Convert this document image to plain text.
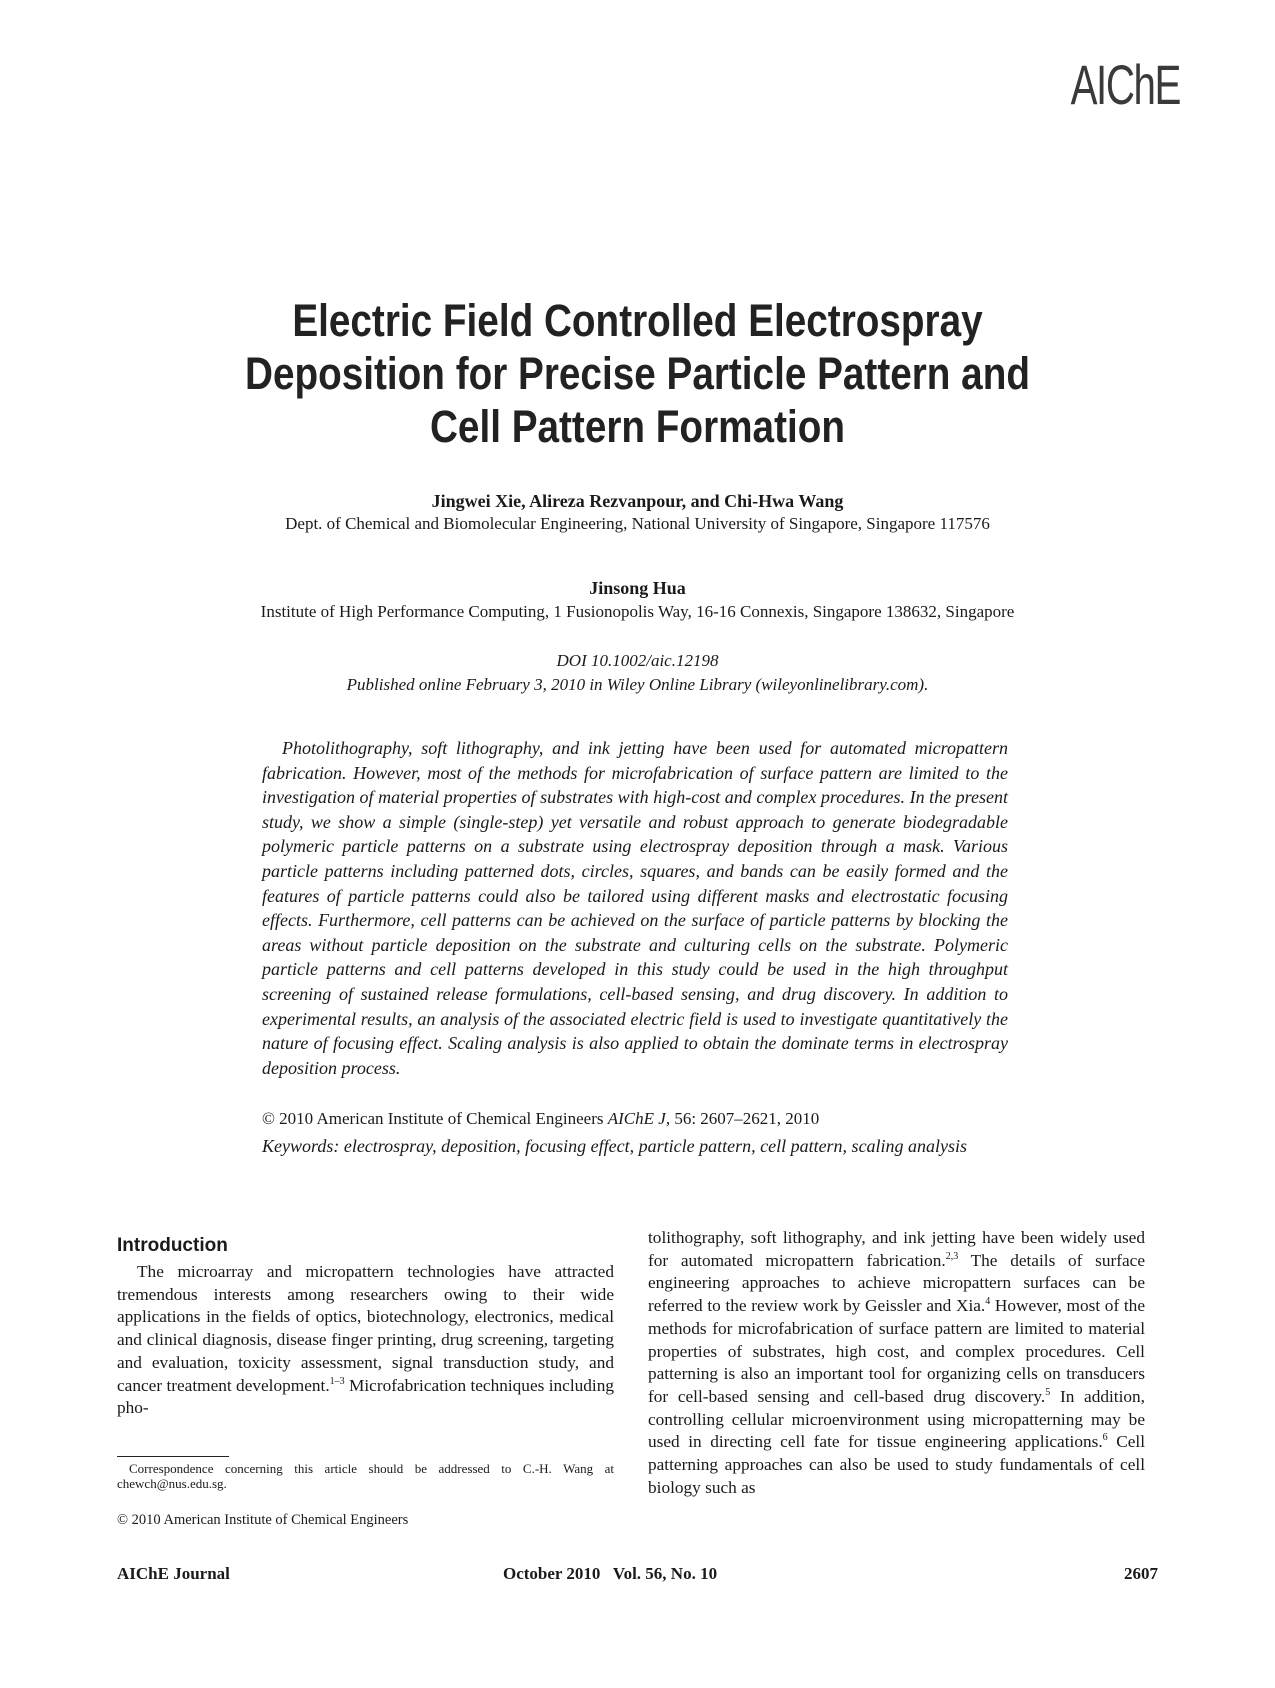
AIChE
Electric Field Controlled Electrospray
Deposition for Precise Particle Pattern and
Cell Pattern Formation
Jingwei Xie, Alireza Rezvanpour, and Chi-Hwa Wang
Dept. of Chemical and Biomolecular Engineering, National University of Singapore, Singapore 117576
Jinsong Hua
Institute of High Performance Computing, 1 Fusionopolis Way, 16-16 Connexis, Singapore 138632, Singapore
DOI 10.1002/aic.12198
Published online February 3, 2010 in Wiley Online Library (wileyonlinelibrary.com).

Photolithography, soft lithography, and ink jetting have been used for automated micropattern fabrication. However, most of the methods for microfabrication of surface pattern are limited to the investigation of material properties of substrates with high-cost and complex procedures. In the present study, we show a simple (single-step) yet versatile and robust approach to generate biodegradable polymeric particle patterns on a substrate using electrospray deposition through a mask. Various particle patterns including patterned dots, circles, squares, and bands can be easily formed and the features of particle patterns could also be tailored using different masks and electrostatic focusing effects. Furthermore, cell patterns can be achieved on the surface of particle patterns by blocking the areas without particle deposition on the substrate and culturing cells on the substrate. Polymeric particle patterns and cell patterns developed in this study could be used in the high throughput screening of sustained release formulations, cell-based sensing, and drug discovery. In addition to experimental results, an analysis of the associated electric field is used to investigate quantitatively the nature of focusing effect. Scaling analysis is also applied to obtain the dominate terms in electrospray deposition process.

© 2010 American Institute of Chemical Engineers AIChE J, 56: 2607–2621, 2010
Keywords: electrospray, deposition, focusing effect, particle pattern, cell pattern, scaling analysis
Introduction

The microarray and micropattern technologies have attracted tremendous interests among researchers owing to their wide applications in the fields of optics, biotechnology, electronics, medical and clinical diagnosis, disease finger printing, drug screening, targeting and evaluation, toxicity assessment, signal transduction study, and cancer treatment development.$^{1-3}$ Microfabrication techniques including pho-

Correspondence concerning this article should be addressed to C.-H. Wang at chewch@nus.edu.sg.
© 2010 American Institute of Chemical Engineers

tolithography, soft lithography, and ink jetting have been widely used for automated micropattern fabrication.$^{2,3}$ The details of surface engineering approaches to achieve micropattern surfaces can be referred to the review work by Geissler and Xia.$^4$ However, most of the methods for microfabrication of surface pattern are limited to material properties of substrates, high cost, and complex procedures. Cell patterning is also an important tool for organizing cells on transducers for cell-based sensing and cell-based drug discovery.$^5$ In addition, controlling cellular microenvironment using micropatterning may be used in directing cell fate for tissue engineering applications.$^6$ Cell patterning approaches can also be used to study fundamentals of cell biology such as

AIChE Journal	October 2010   Vol. 56, No. 10	2607
